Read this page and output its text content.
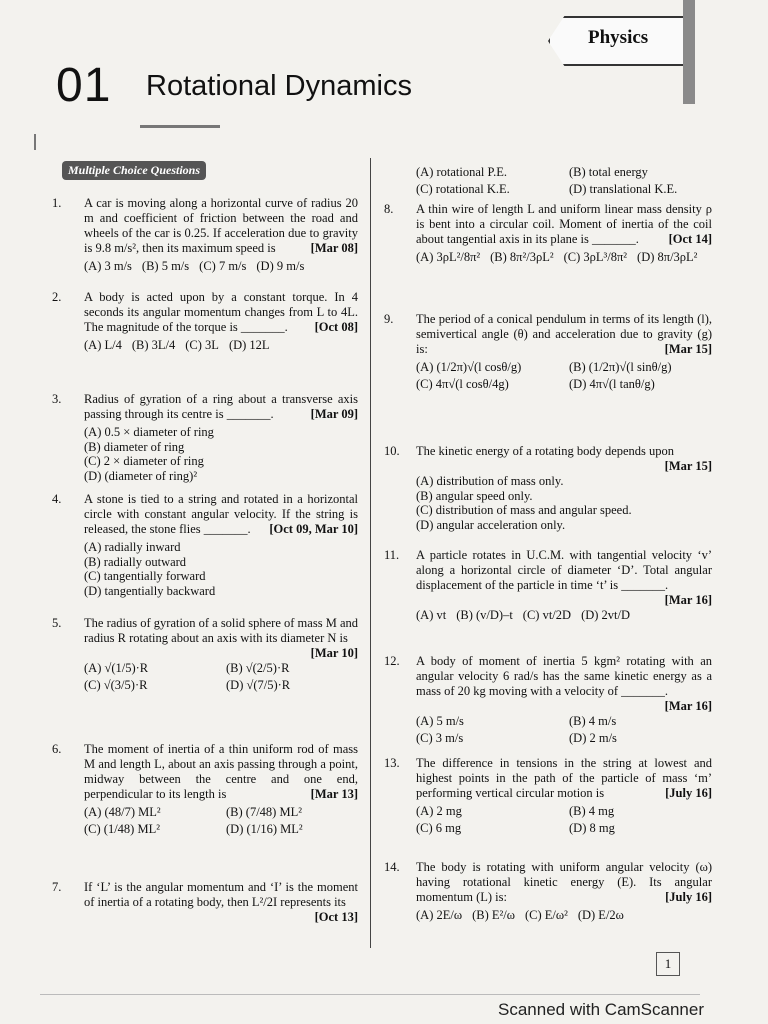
Physics
01 Rotational Dynamics
Multiple Choice Questions
1. A car is moving along a horizontal curve of radius 20 m and coefficient of friction between the road and wheels of the car is 0.25. If acceleration due to gravity is 9.8 m/s², then its maximum speed is	[Mar 08]
(A) 3 m/s (B) 5 m/s (C) 7 m/s (D) 9 m/s
2. A body is acted upon by a constant torque. In 4 seconds its angular momentum changes from L to 4L. The magnitude of the torque is _______. [Oct 08]
(A) L/4 (B) 3L/4 (C) 3L (D) 12L
3. Radius of gyration of a ring about a transverse axis passing through its centre is _______.	[Mar 09]
(A) 0.5 × diameter of ring
(B) diameter of ring
(C) 2 × diameter of ring
(D) (diameter of ring)²
4. A stone is tied to a string and rotated in a horizontal circle with constant angular velocity. If the string is released, the stone flies _______. [Oct 09, Mar 10]
(A) radially inward
(B) radially outward
(C) tangentially forward
(D) tangentially backward
5. The radius of gyration of a solid sphere of mass M and radius R rotating about an axis with its diameter N is
[Mar 10]
(A) √(1/5)·R	(B) √(2/5)·R
(C) √(3/5)·R	(D) √(7/5)·R
6. The moment of inertia of a thin uniform rod of mass M and length L, about an axis passing through a point, midway between the centre and one end, perpendicular to its length is	[Mar 13]
(A) (48/7) ML²	(B) (7/48) ML²
(C) (1/48) ML²	(D) (1/16) ML²
7. If ‘L’ is the angular momentum and ‘I’ is the moment of inertia of a rotating body, then L²/2I represents its
[Oct 13]
(A) rotational P.E.	(B) total energy
(C) rotational K.E.	(D) translational K.E.
8. A thin wire of length L and uniform linear mass density ρ is bent into a circular coil. Moment of inertia of the coil about tangential axis in its plane is _______. [Oct 14]
(A) 3ρL²/8π² (B) 8π²/3ρL² (C) 3ρL³/8π² (D) 8π/3ρL²
9. The period of a conical pendulum in terms of its length (l), semivertical angle (θ) and acceleration due to gravity (g) is:	[Mar 15]
(A) (1/2π)√(l cosθ/g)	(B) (1/2π)√(l sinθ/g)
(C) 4π√(l cosθ/4g)	(D) 4π√(l tanθ/g)
10. The kinetic energy of a rotating body depends upon
[Mar 15]
(A) distribution of mass only.
(B) angular speed only.
(C) distribution of mass and angular speed.
(D) angular acceleration only.
11. A particle rotates in U.C.M. with tangential velocity ‘v’ along a horizontal circle of diameter ‘D’. Total angular displacement of the particle in time ‘t’ is _______.
[Mar 16]
(A) vt (B) (v/D)–t (C) vt/2D (D) 2vt/D
12. A body of moment of inertia 5 kgm² rotating with an angular velocity 6 rad/s has the same kinetic energy as a mass of 20 kg moving with a velocity of _______.
[Mar 16]
(A) 5 m/s	(B) 4 m/s
(C) 3 m/s	(D) 2 m/s
13. The difference in tensions in the string at lowest and highest points in the path of the particle of mass ‘m’ performing vertical circular motion is	[July 16]
(A) 2 mg	(B) 4 mg
(C) 6 mg	(D) 8 mg
14. The body is rotating with uniform angular velocity (ω) having rotational kinetic energy (E). Its angular momentum (L) is:	[July 16]
(A) 2E/ω (B) E²/ω (C) E/ω² (D) E/2ω
1
Scanned with CamScanner
